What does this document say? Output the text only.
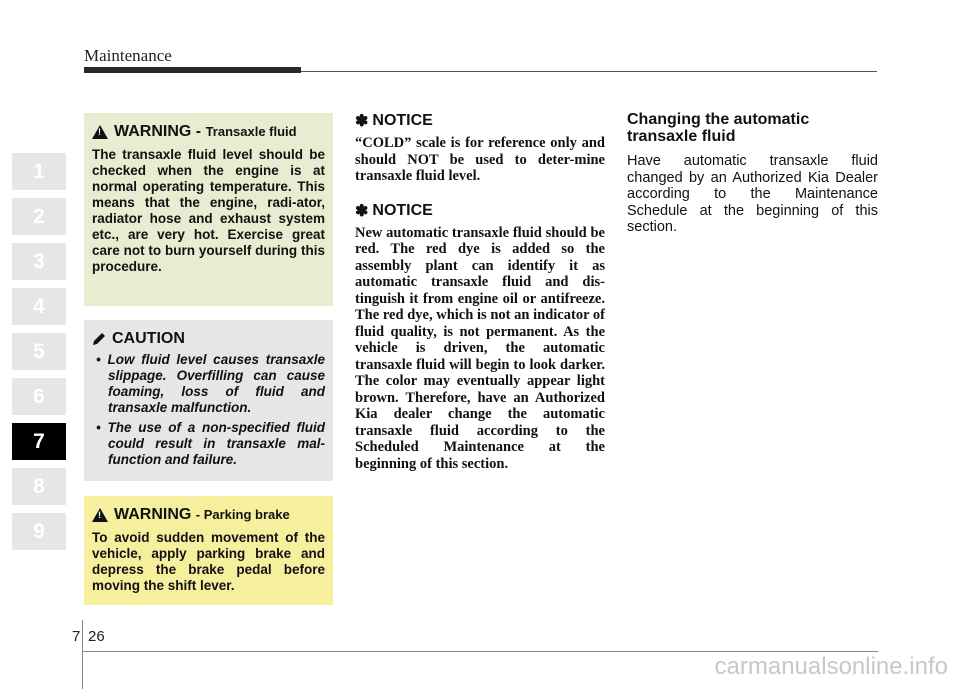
Maintenance
1
2
3
4
5
6
7
8
9
!
WARNING - Transaxle fluid
The transaxle fluid level should be checked when the engine is at normal operating temperature. This means that the engine, radi-ator, radiator hose and exhaust system etc., are very hot. Exercise great care not to burn yourself during this procedure.
CAUTION
• Low fluid level causes transaxle slippage. Overfilling can cause foaming, loss of fluid and transaxle malfunction.
• The use of a non-specified fluid could result in transaxle mal-function and failure.
!
WARNING - Parking brake
To avoid sudden movement of the vehicle, apply parking brake and depress the brake pedal before moving the shift lever.
✽ NOTICE
“COLD” scale is for reference only and should NOT be used to deter-mine transaxle fluid level.
✽ NOTICE
New automatic transaxle fluid should be red. The red dye is added so the assembly plant can identify it as automatic transaxle fluid and dis-tinguish it from engine oil or antifreeze. The red dye, which is not an indicator of fluid quality, is not permanent. As the vehicle is driven, the automatic transaxle fluid will begin to look darker. The color may eventually appear light brown. Therefore, have an Authorized Kia dealer change the automatic transaxle fluid according to the Scheduled Maintenance at the beginning of this section.
Changing the automatic transaxle fluid
Have automatic transaxle fluid changed by an Authorized Kia Dealer according to the Maintenance Schedule at the beginning of this section.
7 26
carmanualsonline.info
